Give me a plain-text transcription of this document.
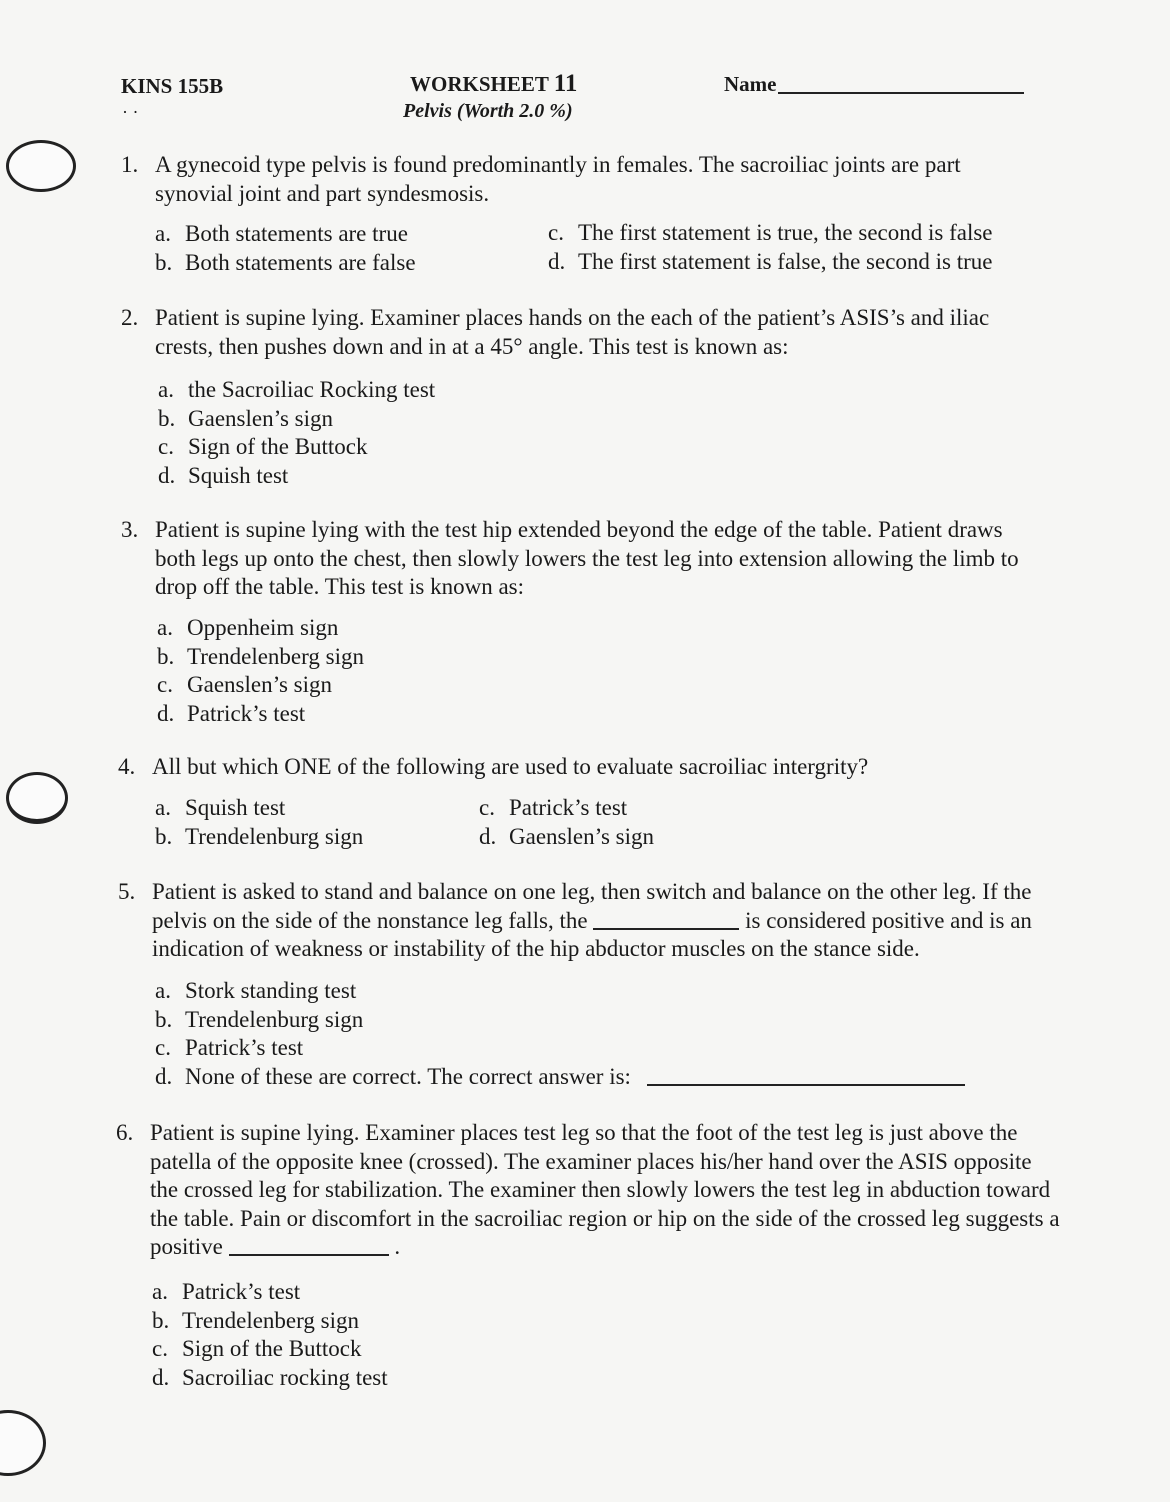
KINS 155B
· ·
WORKSHEET 11
Pelvis (Worth 2.0 %)
Name
1. A gynecoid type pelvis is found predominantly in females. The sacroiliac joints are part synovial joint and part syndesmosis.
a. Both statements are true
b. Both statements are false
c. The first statement is true, the second is false
d. The first statement is false, the second is true
2. Patient is supine lying. Examiner places hands on the each of the patient’s ASIS’s and iliac crests, then pushes down and in at a 45° angle. This test is known as:
a. the Sacroiliac Rocking test
b. Gaenslen’s sign
c. Sign of the Buttock
d. Squish test
3. Patient is supine lying with the test hip extended beyond the edge of the table. Patient draws both legs up onto the chest, then slowly lowers the test leg into extension allowing the limb to drop off the table. This test is known as:
a. Oppenheim sign
b. Trendelenberg sign
c. Gaenslen’s sign
d. Patrick’s test
4. All but which ONE of the following are used to evaluate sacroiliac intergrity?
a. Squish test
b. Trendelenburg sign
c. Patrick’s test
d. Gaenslen’s sign
5. Patient is asked to stand and balance on one leg, then switch and balance on the other leg. If the pelvis on the side of the nonstance leg falls, the	is considered positive and is an indication of weakness or instability of the hip abductor muscles on the stance side.
a. Stork standing test
b. Trendelenburg sign
c. Patrick’s test
d. None of these are correct. The correct answer is:
6. Patient is supine lying. Examiner places test leg so that the foot of the test leg is just above the patella of the opposite knee (crossed). The examiner places his/her hand over the ASIS opposite the crossed leg for stabilization. The examiner then slowly lowers the test leg in abduction toward the table. Pain or discomfort in the sacroiliac region or hip on the side of the crossed leg suggests a positive	.
a. Patrick’s test
b. Trendelenberg sign
c. Sign of the Buttock
d. Sacroiliac rocking test
